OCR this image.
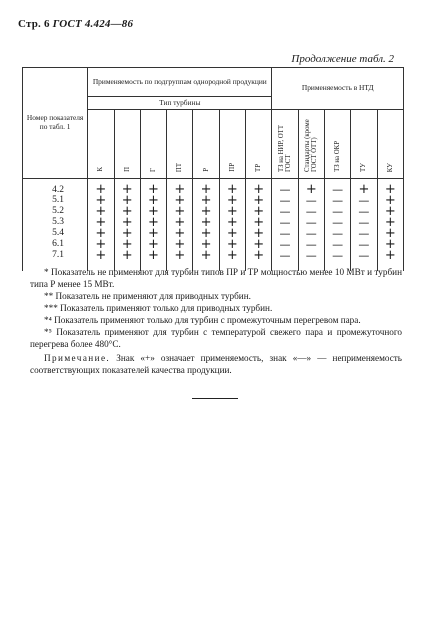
Стр. 6 ГОСТ 4.424—86
Продолжение табл. 2
Номер показателя по табл. 1	Применяемость по подгруппам однородной продукции							Применяемость в НТД				
	Тип турбины											
	К	П	Г	ПТ	Р	ПР	ТР	ТЗ на НИР, ОТТ ГОСТ	Стандарты (кроме ГОСТ ОТТ)	ТЗ на ОКР	ТУ	КУ
4.2	+	+	+	+	+	+	+	—	+	—	+	+
5.1	+	+	+	+	+	+	+	—	—	—	—	+
5.2	+	+	+	+	+	+	+	—	—	—	—	+
5.3	+	+	+	+	+	+	+	—	—	—	—	+
5.4	+	+	+	+	+	+	+	—	—	—	—	+
6.1	+	+	+	+	+	+	+	—	—	—	—	+
7.1	+	+	+	+	+	+	+	—	—	—	—	+

* Показатель не применяют для турбин типов ПР и ТР мощностью менее 10 МВт и турбин типа Р менее 15 МВт.

** Показатель не применяют для приводных турбин.

*** Показатель применяют только для приводных турбин.

*⁴ Показатель применяют только для турбин с промежуточным перегревом пара.

*⁵ Показатель применяют для турбин с температурой свежего пара и промежуточного перегрева более 480°С.

Примечание. Знак «+» означает применяемость, знак «—» — неприменяемость соответствующих показателей качества продукции.
